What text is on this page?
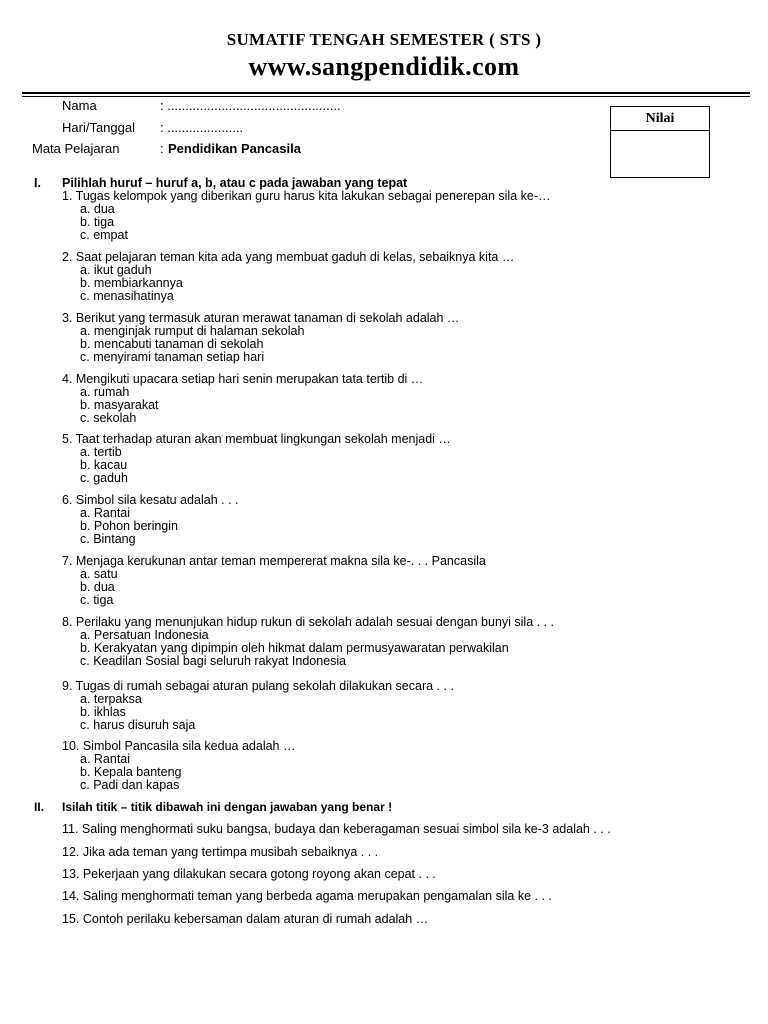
SUMATIF TENGAH SEMESTER ( STS )
www.sangpendidik.com
Nama	: ................................................
Hari/Tanggal : .....................
Mata Pelajaran	: Pendidikan Pancasila
Nilai
I. Pilihlah huruf – huruf a, b, atau c pada jawaban yang tepat
1. Tugas kelompok yang diberikan guru harus kita lakukan sebagai penerepan sila ke-…
a. dua
b. tiga
c. empat
2. Saat pelajaran teman kita ada yang membuat gaduh di kelas, sebaiknya kita …
a. ikut gaduh
b. membiarkannya
c. menasihatinya
3. Berikut yang termasuk aturan merawat tanaman di sekolah adalah …
a. menginjak rumput di halaman sekolah
b. mencabuti tanaman di sekolah
c. menyirami tanaman setiap hari
4. Mengikuti upacara setiap hari senin merupakan tata tertib di …
a. rumah
b. masyarakat
c. sekolah
5. Taat terhadap aturan akan membuat lingkungan sekolah menjadi …
a. tertib
b. kacau
c. gaduh
6. Simbol sila kesatu adalah . . .
a. Rantai
b. Pohon beringin
c. Bintang
7. Menjaga kerukunan antar teman mempererat makna sila ke-. . . Pancasila
a. satu
b. dua
c. tiga
8. Perilaku yang menunjukan hidup rukun di sekolah adalah sesuai dengan bunyi sila . . .
a. Persatuan Indonesia
b. Kerakyatan yang dipimpin oleh hikmat dalam permusyawaratan perwakilan
c. Keadilan Sosial bagi seluruh rakyat Indonesia
9. Tugas di rumah sebagai aturan pulang sekolah dilakukan secara . . .
a. terpaksa
b. ikhlas
c. harus disuruh saja
10. Simbol Pancasila sila kedua adalah …
a. Rantai
b. Kepala banteng
c. Padi dan kapas
II. Isilah titik – titik dibawah ini dengan jawaban yang benar !
11. Saling menghormati suku bangsa, budaya dan keberagaman sesuai simbol sila ke-3 adalah . . .
12. Jika ada teman yang tertimpa musibah sebaiknya . . .
13. Pekerjaan yang dilakukan secara gotong royong akan cepat . . .
14. Saling menghormati teman yang berbeda agama merupakan pengamalan sila ke . . .
15. Contoh perilaku kebersaman dalam aturan di rumah adalah …
